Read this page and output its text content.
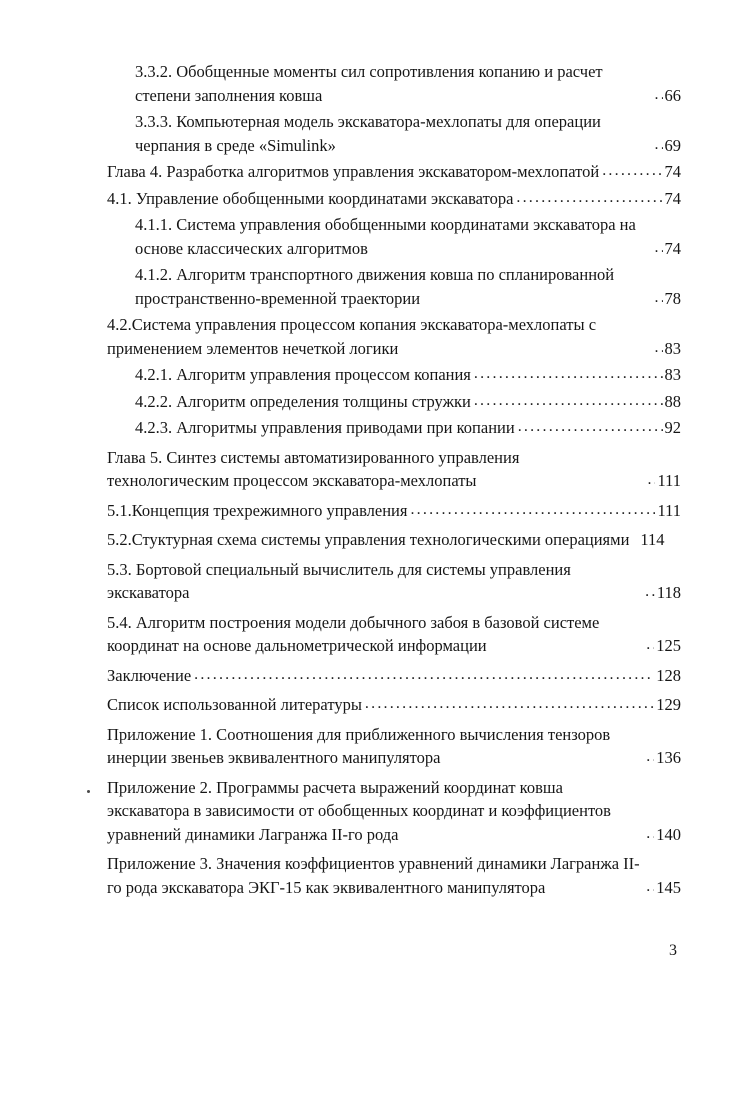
3.3.2. Обобщенные моменты сил сопротивления копанию и расчет степени заполнения ковша .....	66
3.3.3. Компьютерная модель экскаватора-мехлопаты для операции черпания в среде «Simulink» .....	69
Глава 4. Разработка алгоритмов управления экскаватором-мехлопатой .....	74
4.1. Управление обобщенными координатами экскаватора .....	74
4.1.1. Система управления обобщенными координатами экскаватора на основе классических алгоритмов .....	74
4.1.2. Алгоритм транспортного движения ковша по спланированной пространственно-временной траектории .....	78
4.2.Система управления процессом копания экскаватора-мехлопаты с применением элементов нечеткой логики .....	83
4.2.1. Алгоритм управления процессом копания .....	83
4.2.2. Алгоритм определения толщины стружки .....	88
4.2.3. Алгоритмы управления приводами при копании .....	92
Глава 5. Синтез системы автоматизированного управления технологическим процессом экскаватора-мехлопаты .....	111
5.1.Концепция трехрежимного управления .....	111
5.2.Стуктурная схема системы управления технологическими операциями 114
5.3. Бортовой специальный вычислитель для системы управления экскаватора .....	118
5.4. Алгоритм построения модели добычного забоя в базовой системе координат на основе дальнометрической информации .....	125
Заключение .....	128
Список использованной литературы .....	129
Приложение 1. Соотношения для приближенного вычисления тензоров инерции звеньев эквивалентного манипулятора .....	136
Приложение 2. Программы расчета выражений координат ковша экскаватора в зависимости от обобщенных координат и коэффициентов уравнений динамики Лагранжа II-го рода .....	140
Приложение 3. Значения коэффициентов уравнений динамики Лагранжа II-го рода экскаватора ЭКГ-15 как эквивалентного манипулятора .....	145
3
